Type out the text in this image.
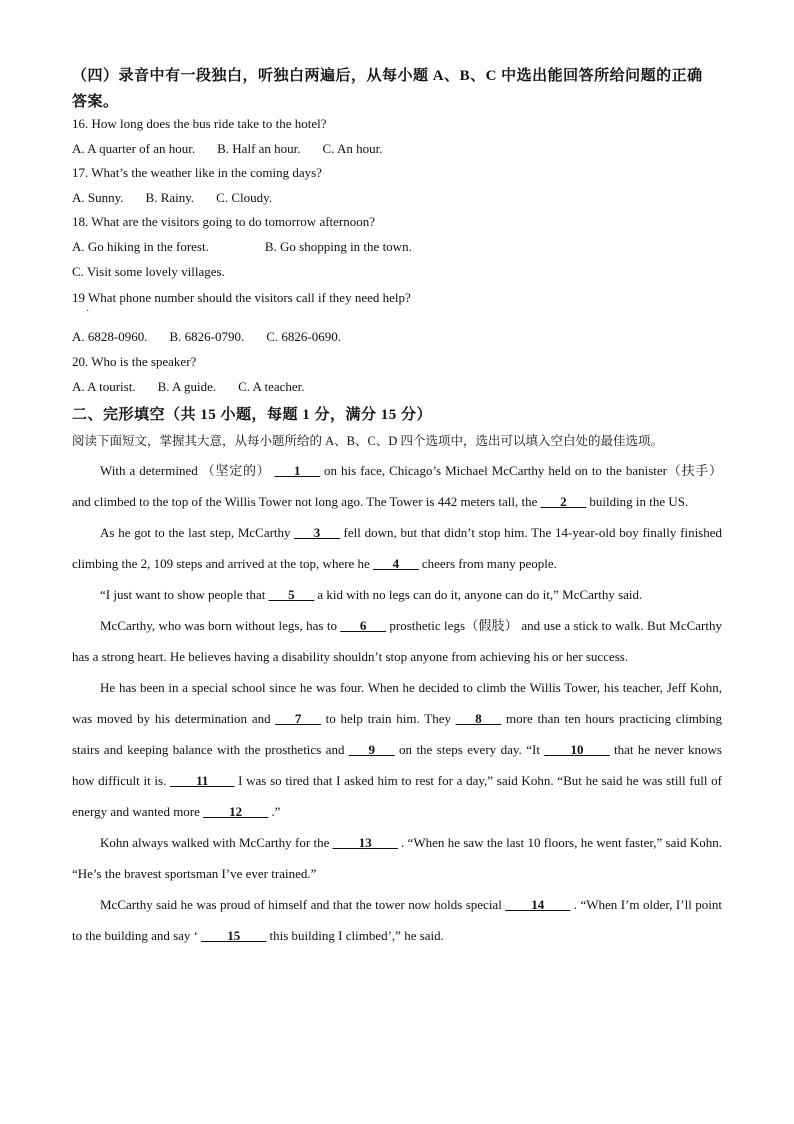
（四）录音中有一段独白，听独白两遍后，从每小题 A、B、C 中选出能回答所给问题的正确
答案。
16. How long does the bus ride take to the hotel?
A. A quarter of an hour. B. Half an hour. C. An hour.
17. What’s the weather like in the coming days?
A. Sunny. B. Rainy. C. Cloudy.
18. What are the visitors going to do tomorrow afternoon?
A. Go hiking in the forest.	B. Go shopping in the town.
C. Visit some lovely villages.
19 What phone number should the visitors call if they need help?
·
A. 6828-0960. B. 6826-0790. C. 6826-0690.
20. Who is the speaker?
A. A tourist. B. A guide. C. A teacher.
二、完形填空（共 15 小题，每题 1 分，满分 15 分）
阅读下面短文，掌握其大意，从每小题所给的 A、B、C、D 四个选项中，选出可以填入空白处的最佳选项。

With a determined （坚定的） ___1___ on his face, Chicago’s Michael McCarthy held on to the banister（扶手） and climbed to the top of the Willis Tower not long ago. The Tower is 442 meters tall, the ___2___ building in the US.

As he got to the last step, McCarthy ___3___ fell down, but that didn’t stop him. The 14-year-old boy finally finished climbing the 2, 109 steps and arrived at the top, where he ___4___ cheers from many people.

“I just want to show people that ___5___ a kid with no legs can do it, anyone can do it,” McCarthy said.

McCarthy, who was born without legs, has to ___6___ prosthetic legs（假肢） and use a stick to walk. But McCarthy has a strong heart. He believes having a disability shouldn’t stop anyone from achieving his or her success.

He has been in a special school since he was four. When he decided to climb the Willis Tower, his teacher, Jeff Kohn, was moved by his determination and ___7___ to help train him. They ___8___ more than ten hours practicing climbing stairs and keeping balance with the prosthetics and ___9___ on the steps every day. “It ____10____ that he never knows how difficult it is. ____11____ I was so tired that I asked him to rest for a day,” said Kohn. “But he said he was still full of energy and wanted more ____12____ .”

Kohn always walked with McCarthy for the ____13____ . “When he saw the last 10 floors, he went faster,” said Kohn. “He’s the bravest sportsman I’ve ever trained.”

McCarthy said he was proud of himself and that the tower now holds special ____14____ . “When I’m older, I’ll point to the building and say ‘ ____15____ this building I climbed’,” he said.
